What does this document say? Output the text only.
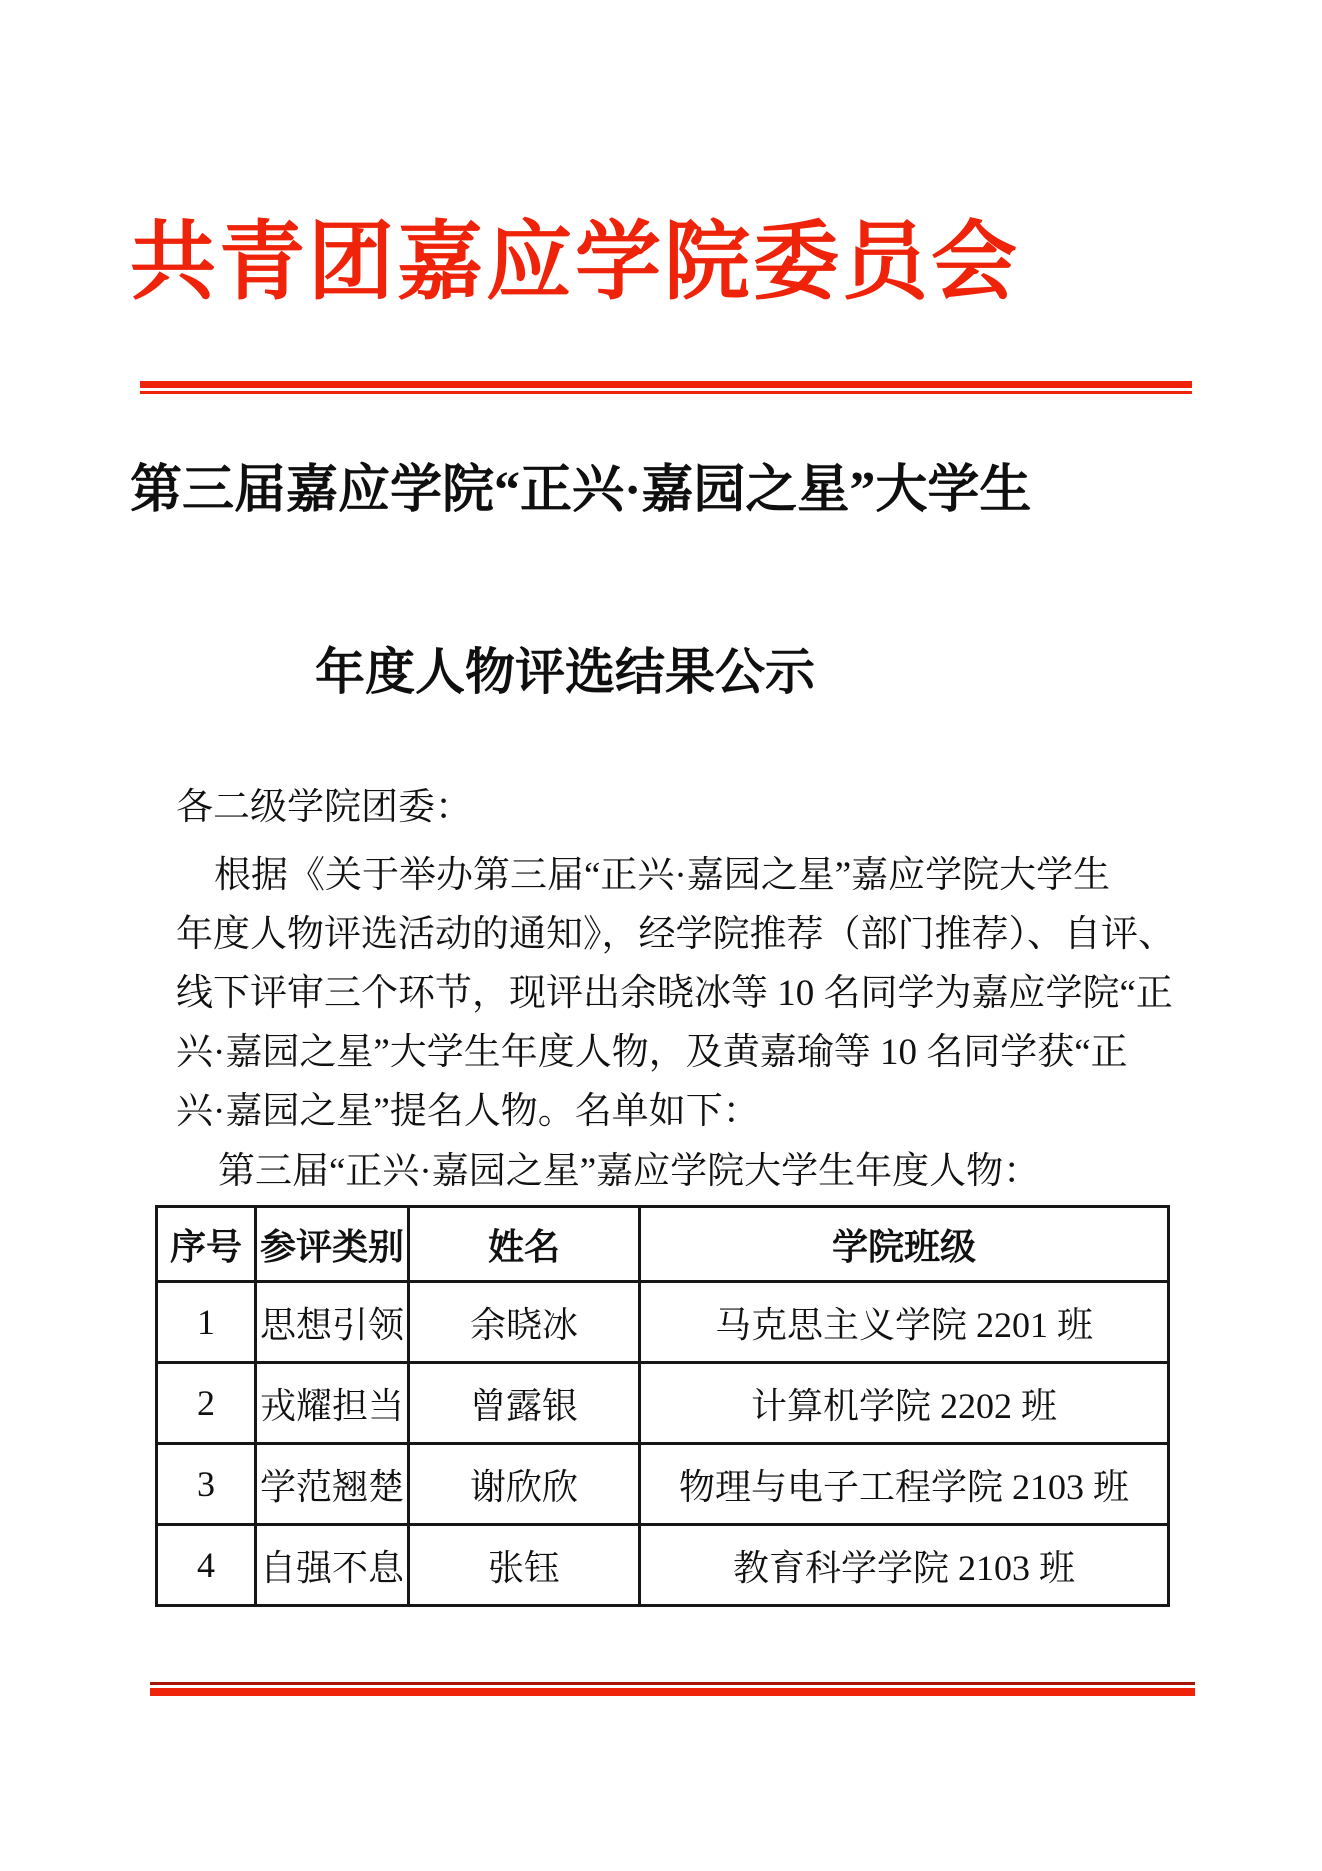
共青团嘉应学院委员会
第三届嘉应学院“正兴·嘉园之星”大学生
年度人物评选结果公示
各二级学院团委：
根据《关于举办第三届“正兴·嘉园之星”嘉应学院大学生
年度人物评选活动的通知》，经学院推荐（部门推荐）、自评、
线下评审三个环节，现评出余晓冰等 10 名同学为嘉应学院“正
兴·嘉园之星”大学生年度人物，及黄嘉瑜等 10 名同学获“正
兴·嘉园之星”提名人物。名单如下：
第三届“正兴·嘉园之星”嘉应学院大学生年度人物：
序号	参评类别	姓名	学院班级
1	思想引领	余晓冰	马克思主义学院 2201 班
2	戎耀担当	曾露银	计算机学院 2202 班
3	学范翘楚	谢欣欣	物理与电子工程学院 2103 班
4	自强不息	张钰	教育科学学院 2103 班
